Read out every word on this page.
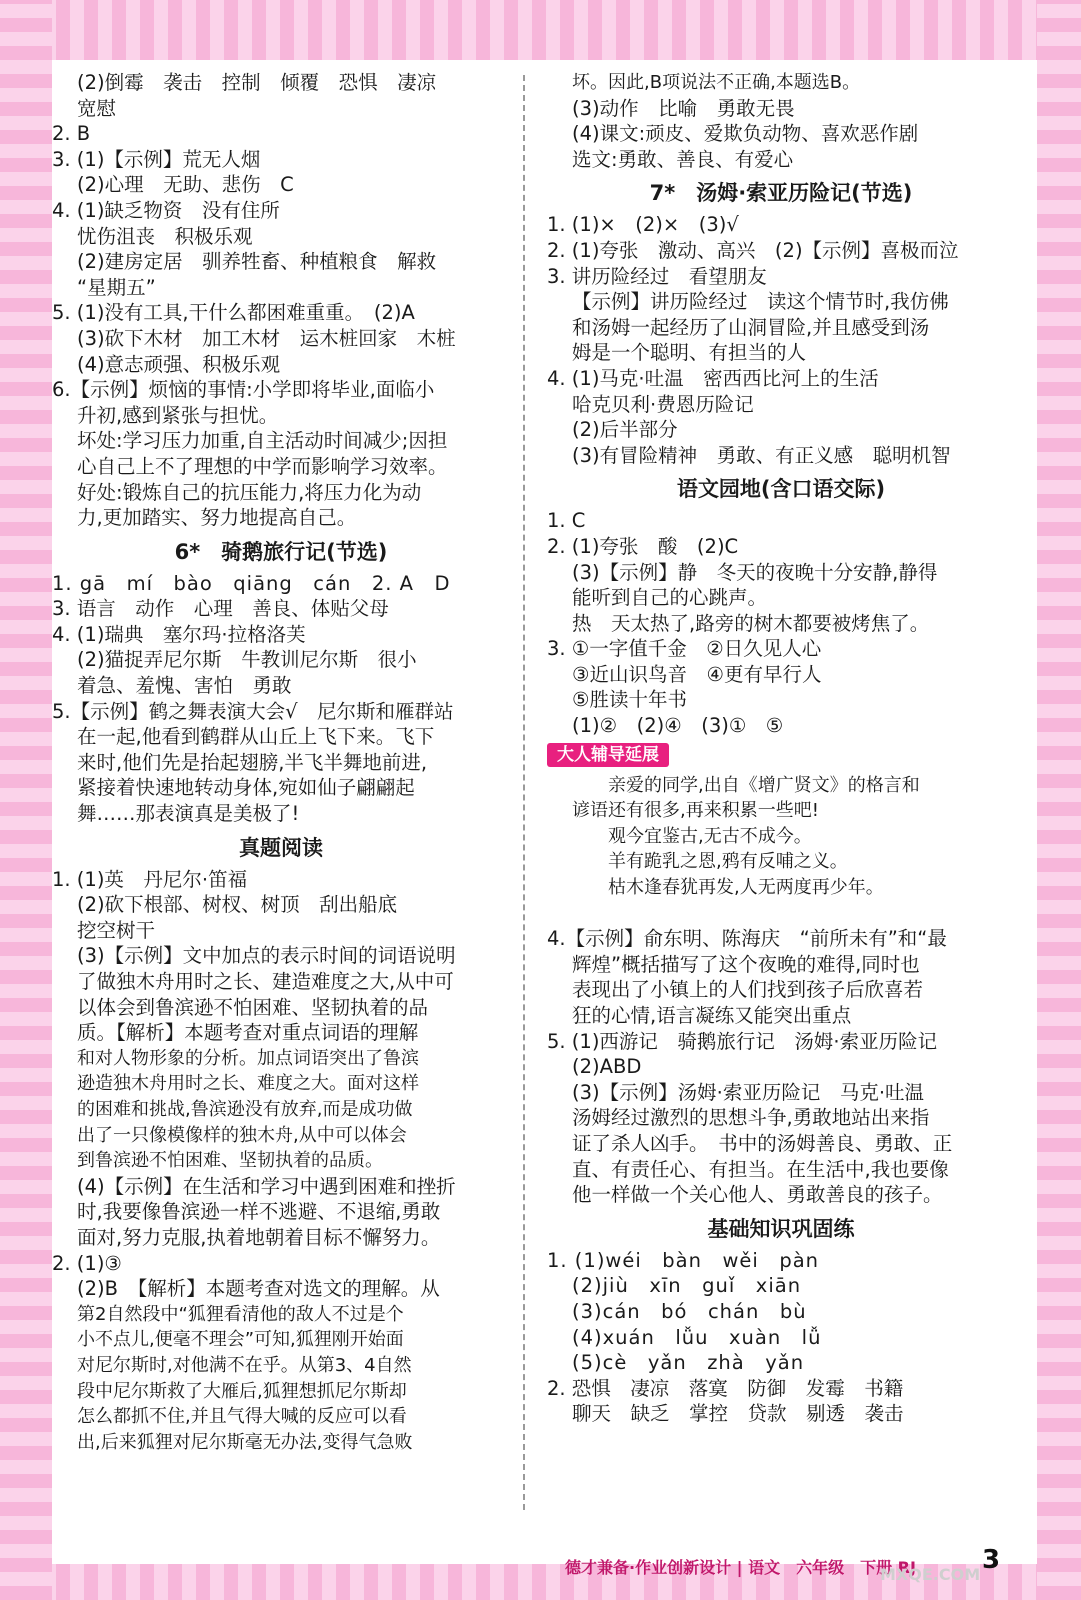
(2)倒霉　袭击　控制　倾覆　恐惧　凄凉
宽慰
2. B
3. (1)【示例】荒无人烟
(2)心理　无助、悲伤　C
4. (1)缺乏物资　没有住所
忧伤沮丧　积极乐观
(2)建房定居　驯养牲畜、种植粮食　解救
“星期五”
5. (1)没有工具,干什么都困难重重。　(2)A
(3)砍下木材　加工木材　运木桩回家　木桩
(4)意志顽强、积极乐观
6.【示例】烦恼的事情:小学即将毕业,面临小
升初,感到紧张与担忧。
坏处:学习压力加重,自主活动时间减少;因担
心自己上不了理想的中学而影响学习效率。
好处:锻炼自己的抗压能力,将压力化为动
力,更加踏实、努力地提高自己。
6*　骑鹅旅行记(节选)
1. gā　mí　bào　qiāng　cán　2. A　D
3. 语言　动作　心理　善良、体贴父母
4. (1)瑞典　塞尔玛·拉格洛芙
(2)猫捉弄尼尔斯　牛教训尼尔斯　很小
着急、羞愧、害怕　勇敢
5.【示例】鹤之舞表演大会√　尼尔斯和雁群站
在一起,他看到鹤群从山丘上飞下来。飞下
来时,他们先是抬起翅膀,半飞半舞地前进,
紧接着快速地转动身体,宛如仙子翩翩起
舞……那表演真是美极了!
真题阅读
1. (1)英　丹尼尔·笛福
(2)砍下根部、树杈、树顶　刮出船底
挖空树干
(3)【示例】文中加点的表示时间的词语说明
了做独木舟用时之长、建造难度之大,从中可
以体会到鲁滨逊不怕困难、坚韧执着的品
质。【解析】本题考查对重点词语的理解
和对人物形象的分析。加点词语突出了鲁滨
逊造独木舟用时之长、难度之大。面对这样
的困难和挑战,鲁滨逊没有放弃,而是成功做
出了一只像模像样的独木舟,从中可以体会
到鲁滨逊不怕困难、坚韧执着的品质。
(4)【示例】在生活和学习中遇到困难和挫折
时,我要像鲁滨逊一样不逃避、不退缩,勇敢
面对,努力克服,执着地朝着目标不懈努力。
2. (1)③
(2)B　【解析】本题考查对选文的理解。从
第2自然段中“狐狸看清他的敌人不过是个
小不点儿,便毫不理会”可知,狐狸刚开始面
对尼尔斯时,对他满不在乎。从第3、4自然
段中尼尔斯救了大雁后,狐狸想抓尼尔斯却
怎么都抓不住,并且气得大喊的反应可以看
出,后来狐狸对尼尔斯毫无办法,变得气急败
坏。因此,B项说法不正确,本题选B。
(3)动作　比喻　勇敢无畏
(4)课文:顽皮、爱欺负动物、喜欢恶作剧
选文:勇敢、善良、有爱心
7*　汤姆·索亚历险记(节选)
1. (1)×　(2)×　(3)√
2. (1)夸张　激动、高兴　(2)【示例】喜极而泣
3. 讲历险经过　看望朋友
【示例】讲历险经过　读这个情节时,我仿佛
和汤姆一起经历了山洞冒险,并且感受到汤
姆是一个聪明、有担当的人
4. (1)马克·吐温　密西西比河上的生活
哈克贝利·费恩历险记
(2)后半部分
(3)有冒险精神　勇敢、有正义感　聪明机智
语文园地(含口语交际)
1. C
2. (1)夸张　酸　(2)C
(3)【示例】静　冬天的夜晚十分安静,静得
能听到自己的心跳声。
热　天太热了,路旁的树木都要被烤焦了。
3. ①一字值千金　②日久见人心
③近山识鸟音　④更有早行人
⑤胜读十年书
(1)②　(2)④　(3)①　⑤
大人辅导延展
　　亲爱的同学,出自《增广贤文》的格言和
谚语还有很多,再来积累一些吧!
　　观今宜鉴古,无古不成今。
　　羊有跪乳之恩,鸦有反哺之义。
　　枯木逢春犹再发,人无两度再少年。
4.【示例】俞东明、陈海庆　“前所未有”和“最
辉煌”概括描写了这个夜晚的难得,同时也
表现出了小镇上的人们找到孩子后欣喜若
狂的心情,语言凝练又能突出重点
5. (1)西游记　骑鹅旅行记　汤姆·索亚历险记
(2)ABD
(3)【示例】汤姆·索亚历险记　马克·吐温
汤姆经过激烈的思想斗争,勇敢地站出来指
证了杀人凶手。　书中的汤姆善良、勇敢、正
直、有责任心、有担当。在生活中,我也要像
他一样做一个关心他人、勇敢善良的孩子。
基础知识巩固练
1. (1)wéi　bàn　wěi　pàn
(2)jiù　xīn　guǐ　xiān
(3)cán　bó　chán　bù
(4)xuán　lǚu　xuàn　lǚ
(5)cè　yǎn　zhà　yǎn
2. 恐惧　凄凉　落寞　防御　发霉　书籍
聊天　缺乏　掌控　贷款　剔透　袭击
德才兼备·作业创新设计 | 语文　六年级　下册 RJ	3
MXQE.COM
